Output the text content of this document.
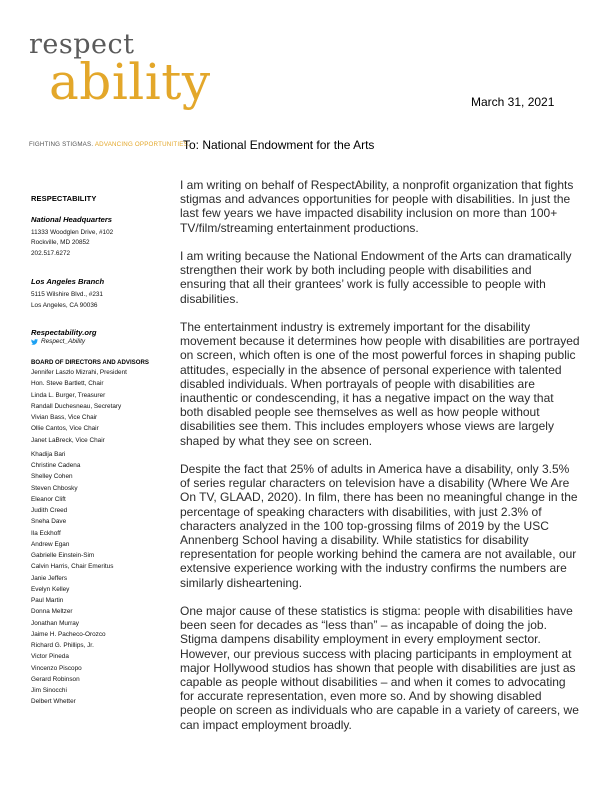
respect
ability
FIGHTING STIGMAS. ADVANCING OPPORTUNITIES.
March 31, 2021
To: National Endowment for the Arts
RESPECTABILITY
National Headquarters
11333 Woodglen Drive, #102
Rockville, MD 20852
202.517.6272
Los Angeles Branch
5115 Wilshire Blvd., #231
Los Angeles, CA 90036
Respectability.org
Respect_Ability
BOARD OF DIRECTORS AND ADVISORS
Jennifer Laszlo Mizrahi, President
Hon. Steve Bartlett, Chair
Linda L. Burger, Treasurer
Randall Duchesneau, Secretary
Vivian Bass, Vice Chair
Ollie Cantos, Vice Chair
Janet LaBreck, Vice Chair
Khadija Bari
Christine Cadena
Shelley Cohen
Steven Chbosky
Eleanor Clift
Judith Creed
Sneha Dave
Ila Eckhoff
Andrew Egan
Gabrielle Einstein-Sim
Calvin Harris, Chair Emeritus
Janie Jeffers
Evelyn Kelley
Paul Martin
Donna Meltzer
Jonathan Murray
Jaime H. Pacheco-Orozco
Richard G. Phillips, Jr.
Victor Pineda
Vincenzo Piscopo
Gerard Robinson
Jim Sinocchi
Delbert Whetter

I am writing on behalf of RespectAbility, a nonprofit organization that fights stigmas and advances opportunities for people with disabilities. In just the last few years we have impacted disability inclusion on more than 100+ TV/film/streaming entertainment productions.

I am writing because the National Endowment of the Arts can dramatically strengthen their work by both including people with disabilities and ensuring that all their grantees’ work is fully accessible to people with disabilities.

The entertainment industry is extremely important for the disability movement because it determines how people with disabilities are portrayed on screen, which often is one of the most powerful forces in shaping public attitudes, especially in the absence of personal experience with talented disabled individuals. When portrayals of people with disabilities are inauthentic or condescending, it has a negative impact on the way that both disabled people see themselves as well as how people without disabilities see them. This includes employers whose views are largely shaped by what they see on screen.

Despite the fact that 25% of adults in America have a disability, only 3.5% of series regular characters on television have a disability (Where We Are On TV, GLAAD, 2020). In film, there has been no meaningful change in the percentage of speaking characters with disabilities, with just 2.3% of characters analyzed in the 100 top-grossing films of 2019 by the USC Annenberg School having a disability. While statistics for disability representation for people working behind the camera are not available, our extensive experience working with the industry confirms the numbers are similarly disheartening.

One major cause of these statistics is stigma: people with disabilities have been seen for decades as “less than” – as incapable of doing the job. Stigma dampens disability employment in every employment sector. However, our previous success with placing participants in employment at major Hollywood studios has shown that people with disabilities are just as capable as people without disabilities – and when it comes to advocating for accurate representation, even more so. And by showing disabled people on screen as individuals who are capable in a variety of careers, we can impact employment broadly.
